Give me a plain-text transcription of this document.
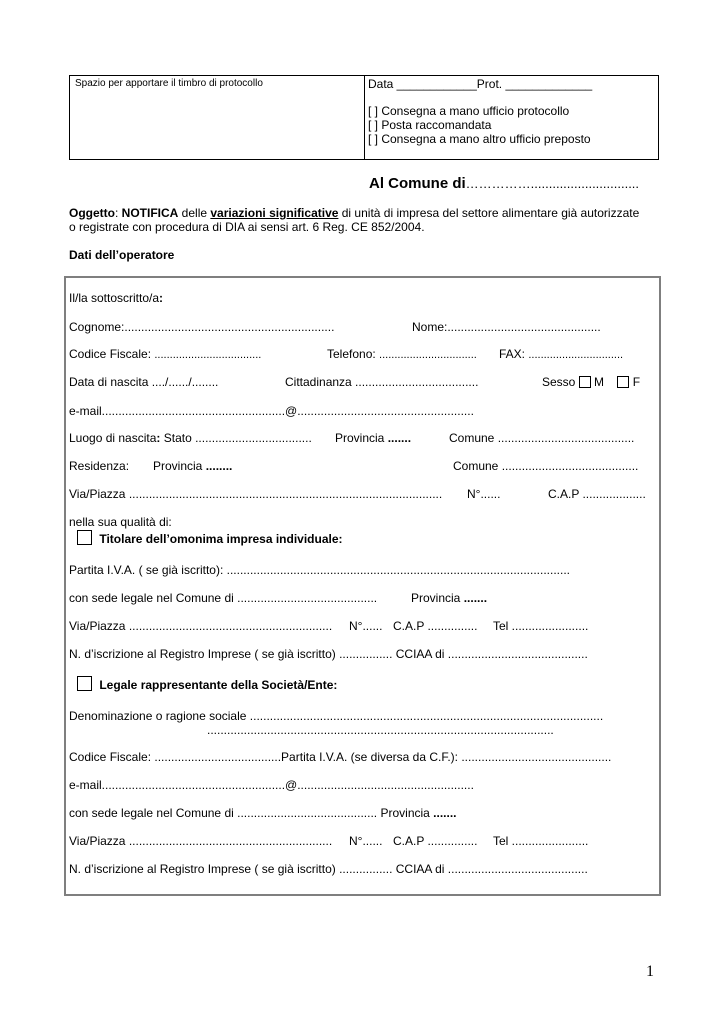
Spazio per apportare il timbro di protocollo	Data ____________Prot. _____________
[ ] Consegna a mano ufficio protocollo
[ ] Posta raccomandata
[ ] Consegna a mano altro ufficio preposto
Al Comune di……………..............................
Oggetto: NOTIFICA delle variazioni significative di unità di impresa del settore alimentare già autorizzate
o registrate con procedura di DIA ai sensi art. 6 Reg. CE 852/2004.
Dati dell’operatore
Il/la sottoscritto/a:
Cognome:...............................................................	Nome:..............................................
Codice Fiscale: ...................................	Telefono: ................................ FAX: ...............................
Data di nascita ..../....../........	Cittadinanza .....................................	Sesso M F
e-mail.......................................................@.....................................................
Luogo di nascita: Stato ................................... Provincia .......	Comune .........................................
Residenza: Provincia ........	Comune .........................................
Via/Piazza .............................................................................................. N°......	C.A.P ...................
nella sua qualità di:
Titolare dell’omonima impresa individuale:
Partita I.V.A. ( se già iscritto): .......................................................................................................
con sede legale nel Comune di ..........................................	Provincia .......
Via/Piazza ............................................................. N°...... C.A.P ............... Tel .......................
N. d’iscrizione al Registro Imprese ( se già iscritto) ................ CCIAA di ..........................................
Legale rappresentante della Società/Ente:
Denominazione o ragione sociale ..........................................................................................................
........................................................................................................
Codice Fiscale: ......................................Partita I.V.A. (se diversa da C.F.): .............................................
e-mail.......................................................@.....................................................
con sede legale nel Comune di .......................................... Provincia .......
Via/Piazza ............................................................. N°...... C.A.P ............... Tel .......................
N. d’iscrizione al Registro Imprese ( se già iscritto) ................ CCIAA di ..........................................
1
